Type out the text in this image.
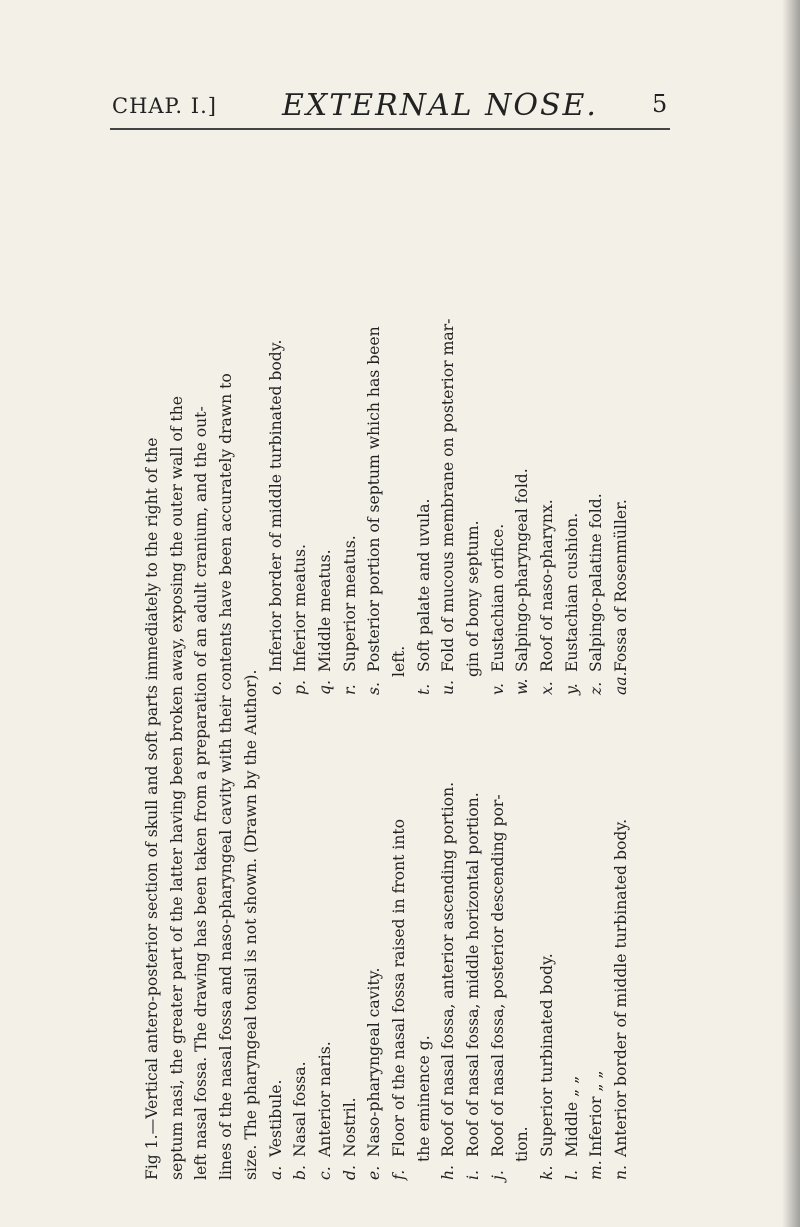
CHAP. I.] EXTERNAL NOSE. 5

Fig 1.—Vertical antero-posterior section of skull and soft parts immediately to the right of the septum nasi, the greater part of the latter having been broken away, exposing the outer wall of the left nasal fossa. The drawing has been taken from a preparation of an adult cranium, and the out- lines of the nasal fossa and naso-pharyngeal cavity with their contents have been accurately drawn to size. The pharyngeal tonsil is not shown. (Drawn by the Author). a. Vestibule.
b. Nasal fossa.
c. Anterior naris.
d. Nostril.
e. Naso-pharyngeal cavity.
f. Floor of the nasal fossa raised in front into the eminence g.
h. Roof of nasal fossa, anterior ascending portion.
i. Roof of nasal fossa, middle horizontal portion.
j. Roof of nasal fossa, posterior descending por- tion.
k. Superior turbinated body.
l. Middle „ „
m. Inferior „ „
n. Anterior border of middle turbinated body.
o. Inferior border of middle turbinated body.
p. Inferior meatus.
q. Middle meatus.
r. Superior meatus.
s. Posterior portion of septum which has been left.
t. Soft palate and uvula.
u. Fold of mucous membrane on posterior mar- gin of bony septum.
v. Eustachian orifice.
w. Salpingo-pharyngeal fold.
x. Roof of naso-pharynx.
y. Eustachian cushion.
z. Salpingo-palatine fold.
aa. Fossa of Rosenmüller.
